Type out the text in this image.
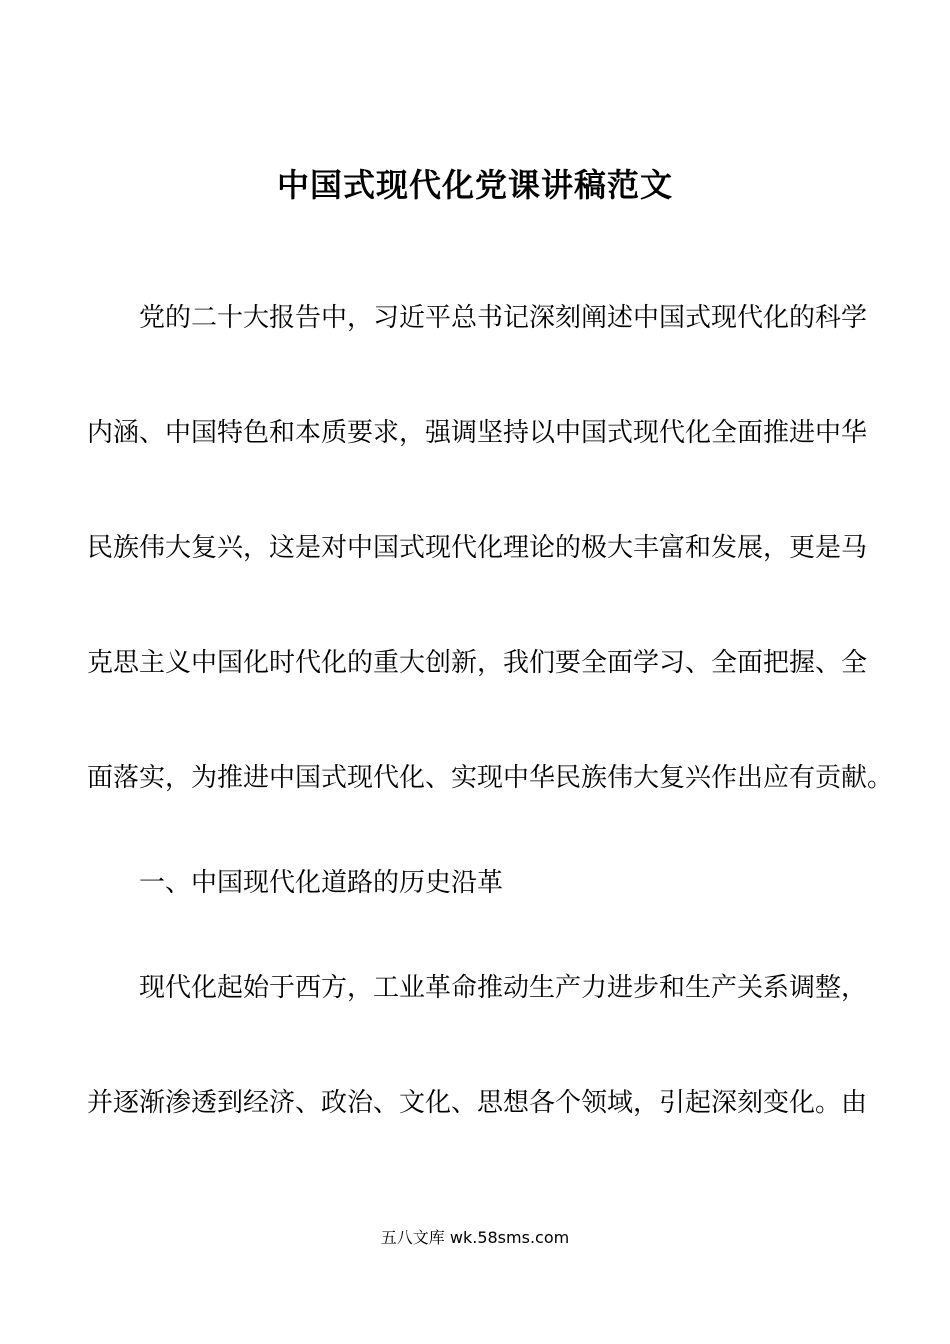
中国式现代化党课讲稿范文
党的二十大报告中，习近平总书记深刻阐述中国式现代化的科学
内涵、中国特色和本质要求，强调坚持以中国式现代化全面推进中华
民族伟大复兴，这是对中国式现代化理论的极大丰富和发展，更是马
克思主义中国化时代化的重大创新，我们要全面学习、全面把握、全
面落实，为推进中国式现代化、实现中华民族伟大复兴作出应有贡献。
一、中国现代化道路的历史沿革
现代化起始于西方，工业革命推动生产力进步和生产关系调整，
并逐渐渗透到经济、政治、文化、思想各个领域，引起深刻变化。由
五八文库 wk.58sms.com
